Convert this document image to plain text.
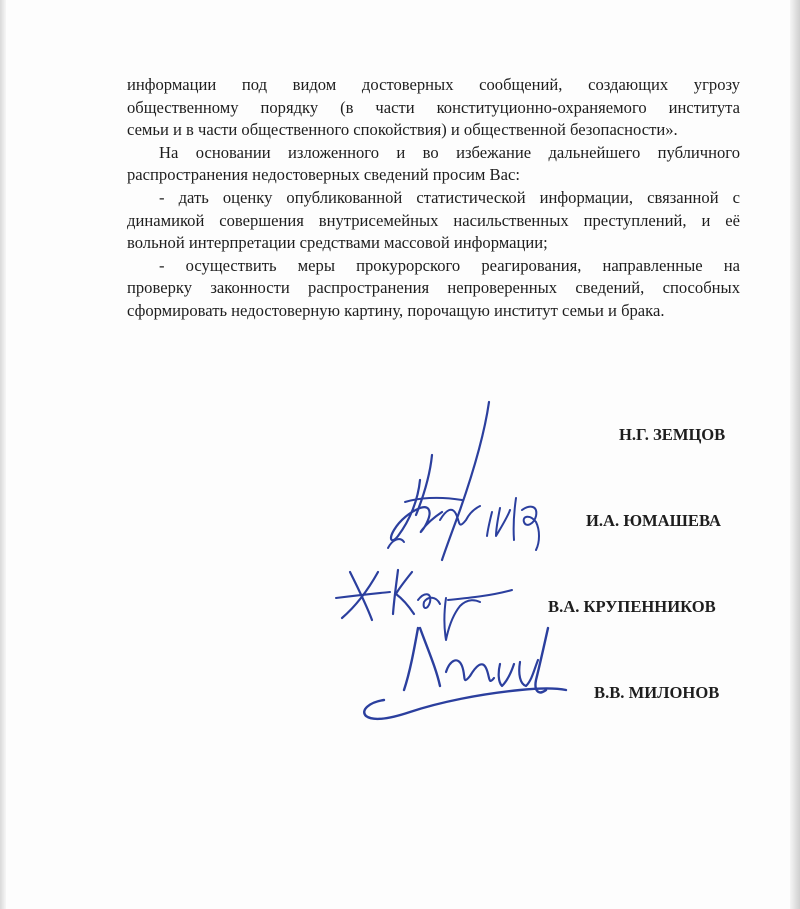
информации под видом достоверных сообщений, создающих угрозу

общественному порядку (в части конституционно-охраняемого института

семьи и в части общественного спокойствия) и общественной безопасности».

На основании изложенного и во избежание дальнейшего публичного

распространения недостоверных сведений просим Вас:

- дать оценку опубликованной статистической информации, связанной с

динамикой совершения внутрисемейных насильственных преступлений, и её

вольной интерпретации средствами массовой информации;

- осуществить меры прокурорского реагирования, направленные на

проверку законности распространения непроверенных сведений, способных

сформировать недостоверную картину, порочащую институт семьи и брака.

Н.Г. ЗЕМЦОВ
И.А. ЮМАШЕВА
В.А. КРУПЕННИКОВ
В.В. МИЛОНОВ
